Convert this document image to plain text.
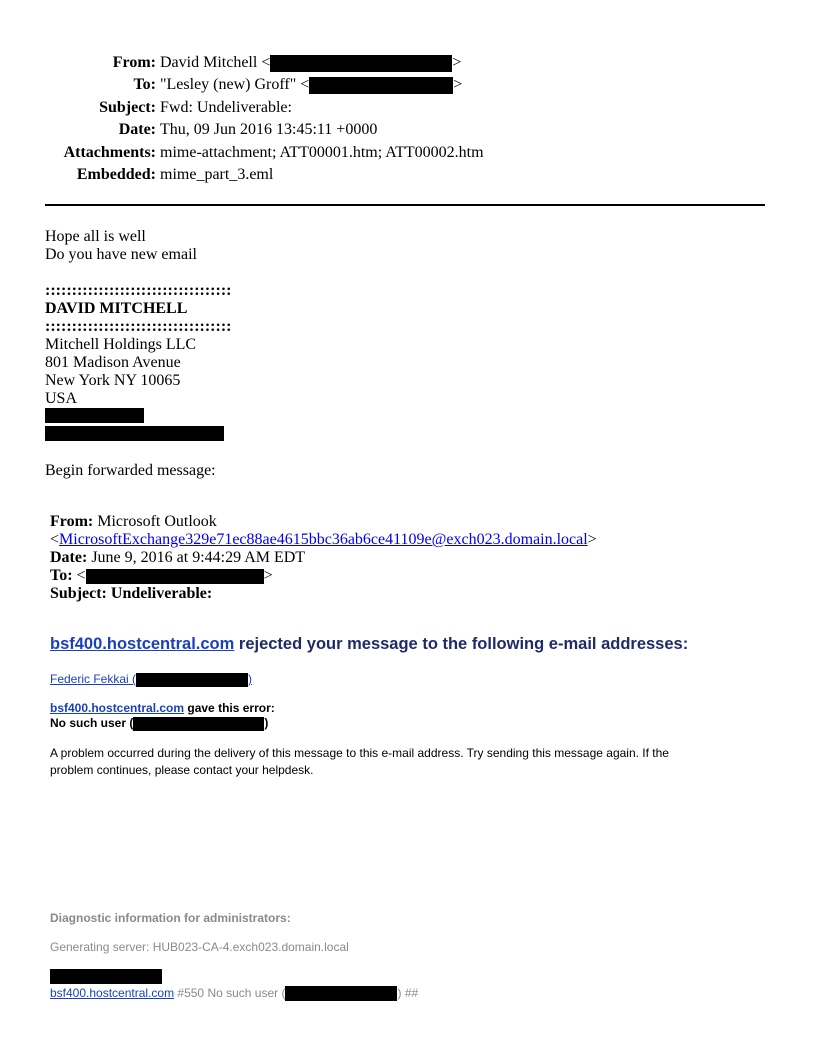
From: David Mitchell <	>
To: "Lesley (new) Groff" <	>
Subject: Fwd: Undeliverable:
Date: Thu, 09 Jun 2016 13:45:11 +0000
Attachments: mime-attachment; ATT00001.htm; ATT00002.htm
Embedded: mime_part_3.eml
Hope all is well
Do you have new email
:::::::::::::::::::::::::::::::::::
DAVID MITCHELL
:::::::::::::::::::::::::::::::::::
Mitchell Holdings LLC
801 Madison Avenue
New York NY 10065
USA
Begin forwarded message:
From: Microsoft Outlook
<MicrosoftExchange329e71ec88ae4615bbc36ab6ce41109e@exch023.domain.local>
Date: June 9, 2016 at 9:44:29 AM EDT
To: <	>
Subject: Undeliverable:
bsf400.hostcentral.com rejected your message to the following e-mail addresses:
Federic Fekkai (	)
bsf400.hostcentral.com gave this error:
No such user (	)
A problem occurred during the delivery of this message to this e-mail address. Try sending this message again. If the
problem continues, please contact your helpdesk.
Diagnostic information for administrators:
Generating server: HUB023-CA-4.exch023.domain.local
bsf400.hostcentral.com #550 No such user (	) ##
